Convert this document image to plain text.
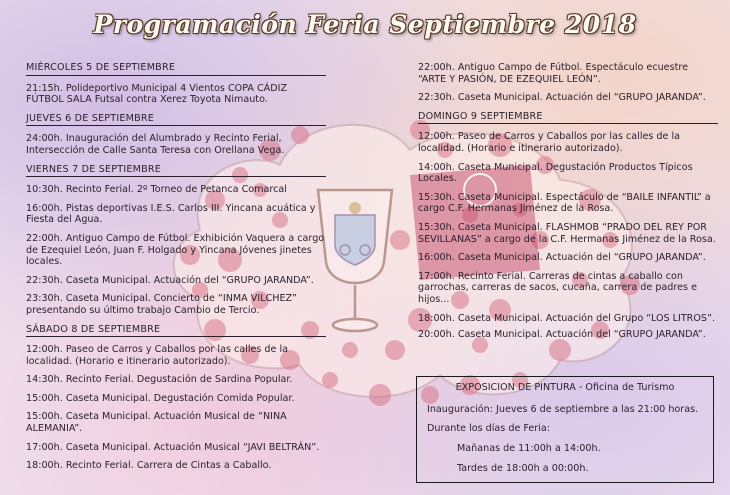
Programación Feria Septiembre 2018
MIÉRCOLES 5 DE SEPTIEMBRE
21:15h. Polideportivo Municipal 4 Vientos COPA CÁDIZ FÚTBOL SALA Futsal contra Xerez Toyota Nimauto.
JUEVES 6 DE SEPTIEMBRE
24:00h. Inauguración del Alumbrado y Recinto Ferial, Intersección de Calle Santa Teresa con Orellana Vega.
VIERNES 7 DE SEPTIEMBRE
10:30h. Recinto Ferial. 2º Torneo de Petanca Comarcal
16:00h. Pistas deportivas I.E.S. Carlos III. Yincana acuática y Fiesta del Agua.
22:00h. Antiguo Campo de Fútbol. Exhibición Vaquera a cargo de Ezequiel León, Juan F. Holgado y Yincana Jóvenes jinetes locales.
22:30h. Caseta Municipal. Actuación del “GRUPO JARANDA”.
23:30h. Caseta Municipal. Concierto de “INMA VILCHEZ” presentando su último trabajo Cambio de Tercio.
SÁBADO 8 DE SEPTIEMBRE
12:00h. Paseo de Carros y Caballos por las calles de la localidad. (Horario e itinerario autorizado).
14:30h. Recinto Ferial. Degustación de Sardina Popular.
15:00h. Caseta Municipal. Degustación Comida Popular.
15:00h. Caseta Municipal. Actuación Musical de “NINA ALEMANIA”.
17:00h. Caseta Municipal. Actuación Musical “JAVI BELTRÁN”.
18:00h. Recinto Ferial. Carrera de Cintas a Caballo.
22:00h. Antiguo Campo de Fútbol. Espectáculo ecuestre “ARTE Y PASIÓN, DE EZEQUIEL LEÓN”.
22:30h. Caseta Municipal. Actuación del “GRUPO JARANDA”.
DOMINGO 9 SEPTIEMBRE
12:00h. Paseo de Carros y Caballos por las calles de la localidad. (Horario e itinerario autorizado).
14:00h. Caseta Municipal. Degustación Productos Típicos Locales.
15:30h. Caseta Municipal. Espectáculo de “BAILE INFANTIL” a cargo C.F. Hermanas Jiménez de la Rosa.
15:30h. Caseta Municipal. FLASHMOB “PRADO DEL REY POR SEVILLANAS” a cargo de la C.F. Hermanas Jiménez de la Rosa.
16:00h. Caseta Municipal. Actuación del “GRUPO JARANDA”.
17:00h. Recinto Ferial. Carreras de cintas a caballo con garrochas, carreras de sacos, cucaña, carrera de padres e hijos...
18:00h. Caseta Municipal. Actuación del Grupo “LOS LITROS”.
20:00h. Caseta Municipal. Actuación del “GRUPO JARANDA”.
EXPOSICION DE PINTURA - Oficina de Turismo
Inauguración: Jueves 6 de septiembre a las 21:00 horas.
Durante los días de Feria:
Mañanas de 11:00h a 14:00h.
Tardes de 18:00h a 00:00h.
